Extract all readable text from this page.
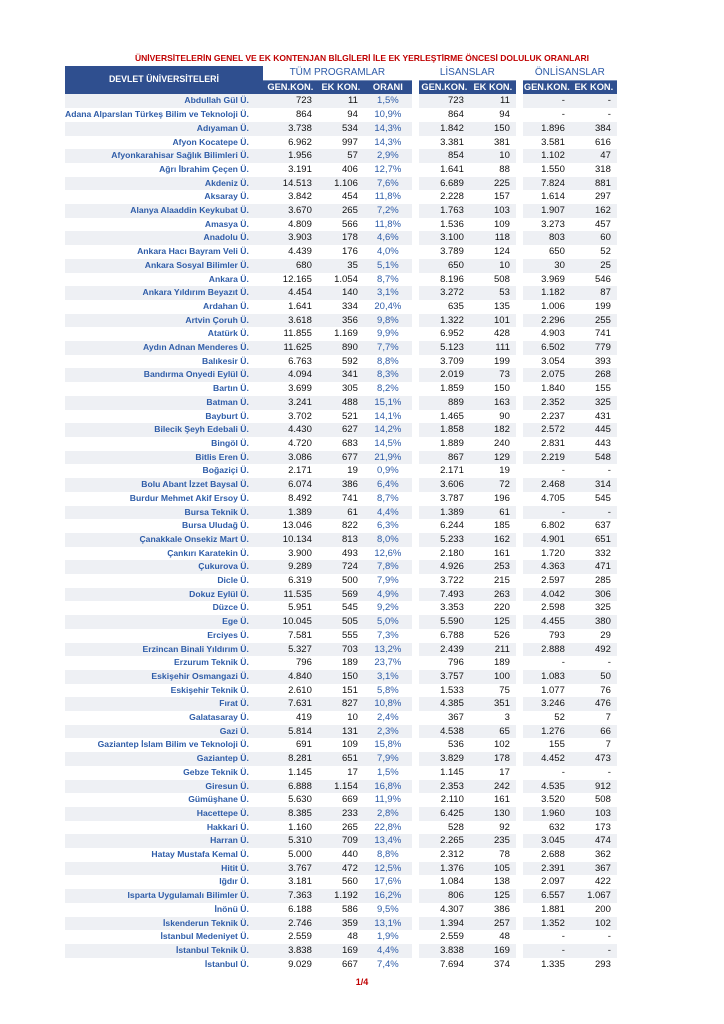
ÜNİVERSİTELERİN GENEL VE EK KONTENJAN BİLGİLERİ İLE EK YERLEŞTİRME ÖNCESİ DOLULUK ORANLARI
DEVLET ÜNİVERSİTELERİ	TÜM PROGRAMLAR				LİSANSLAR			ÖNLİSANSLAR	
	GEN.KON.	EK KON.	ORANI		GEN.KON.	EK KON.		GEN.KON.	EK KON.
Abdullah Gül Ü.	723	11	1,5%		723	11		-	-
Adana Alparslan Türkeş Bilim ve Teknoloji Ü.	864	94	10,9%		864	94		-	-
Adıyaman Ü.	3.738	534	14,3%		1.842	150		1.896	384
Afyon Kocatepe Ü.	6.962	997	14,3%		3.381	381		3.581	616
Afyonkarahisar Sağlık Bilimleri Ü.	1.956	57	2,9%		854	10		1.102	47
Ağrı İbrahim Çeçen Ü.	3.191	406	12,7%		1.641	88		1.550	318
Akdeniz Ü.	14.513	1.106	7,6%		6.689	225		7.824	881
Aksaray Ü.	3.842	454	11,8%		2.228	157		1.614	297
Alanya Alaaddin Keykubat Ü.	3.670	265	7,2%		1.763	103		1.907	162
Amasya Ü.	4.809	566	11,8%		1.536	109		3.273	457
Anadolu Ü.	3.903	178	4,6%		3.100	118		803	60
Ankara Hacı Bayram Veli Ü.	4.439	176	4,0%		3.789	124		650	52
Ankara Sosyal Bilimler Ü.	680	35	5,1%		650	10		30	25
Ankara Ü.	12.165	1.054	8,7%		8.196	508		3.969	546
Ankara Yıldırım Beyazıt Ü.	4.454	140	3,1%		3.272	53		1.182	87
Ardahan Ü.	1.641	334	20,4%		635	135		1.006	199
Artvin Çoruh Ü.	3.618	356	9,8%		1.322	101		2.296	255
Atatürk Ü.	11.855	1.169	9,9%		6.952	428		4.903	741
Aydın Adnan Menderes Ü.	11.625	890	7,7%		5.123	111		6.502	779
Balıkesir Ü.	6.763	592	8,8%		3.709	199		3.054	393
Bandırma Onyedi Eylül Ü.	4.094	341	8,3%		2.019	73		2.075	268
Bartın Ü.	3.699	305	8,2%		1.859	150		1.840	155
Batman Ü.	3.241	488	15,1%		889	163		2.352	325
Bayburt Ü.	3.702	521	14,1%		1.465	90		2.237	431
Bilecik Şeyh Edebali Ü.	4.430	627	14,2%		1.858	182		2.572	445
Bingöl Ü.	4.720	683	14,5%		1.889	240		2.831	443
Bitlis Eren Ü.	3.086	677	21,9%		867	129		2.219	548
Boğaziçi Ü.	2.171	19	0,9%		2.171	19		-	-
Bolu Abant İzzet Baysal Ü.	6.074	386	6,4%		3.606	72		2.468	314
Burdur Mehmet Akif Ersoy Ü.	8.492	741	8,7%		3.787	196		4.705	545
Bursa Teknik Ü.	1.389	61	4,4%		1.389	61		-	-
Bursa Uludağ Ü.	13.046	822	6,3%		6.244	185		6.802	637
Çanakkale Onsekiz Mart Ü.	10.134	813	8,0%		5.233	162		4.901	651
Çankırı Karatekin Ü.	3.900	493	12,6%		2.180	161		1.720	332
Çukurova Ü.	9.289	724	7,8%		4.926	253		4.363	471
Dicle Ü.	6.319	500	7,9%		3.722	215		2.597	285
Dokuz Eylül Ü.	11.535	569	4,9%		7.493	263		4.042	306
Düzce Ü.	5.951	545	9,2%		3.353	220		2.598	325
Ege Ü.	10.045	505	5,0%		5.590	125		4.455	380
Erciyes Ü.	7.581	555	7,3%		6.788	526		793	29
Erzincan Binali Yıldırım Ü.	5.327	703	13,2%		2.439	211		2.888	492
Erzurum Teknik Ü.	796	189	23,7%		796	189		-	-
Eskişehir Osmangazi Ü.	4.840	150	3,1%		3.757	100		1.083	50
Eskişehir Teknik Ü.	2.610	151	5,8%		1.533	75		1.077	76
Fırat Ü.	7.631	827	10,8%		4.385	351		3.246	476
Galatasaray Ü.	419	10	2,4%		367	3		52	7
Gazi Ü.	5.814	131	2,3%		4.538	65		1.276	66
Gaziantep İslam Bilim ve Teknoloji Ü.	691	109	15,8%		536	102		155	7
Gaziantep Ü.	8.281	651	7,9%		3.829	178		4.452	473
Gebze Teknik Ü.	1.145	17	1,5%		1.145	17		-	-
Giresun Ü.	6.888	1.154	16,8%		2.353	242		4.535	912
Gümüşhane Ü.	5.630	669	11,9%		2.110	161		3.520	508
Hacettepe Ü.	8.385	233	2,8%		6.425	130		1.960	103
Hakkari Ü.	1.160	265	22,8%		528	92		632	173
Harran Ü.	5.310	709	13,4%		2.265	235		3.045	474
Hatay Mustafa Kemal Ü.	5.000	440	8,8%		2.312	78		2.688	362
Hitit Ü.	3.767	472	12,5%		1.376	105		2.391	367
Iğdır Ü.	3.181	560	17,6%		1.084	138		2.097	422
Isparta Uygulamalı Bilimler Ü.	7.363	1.192	16,2%		806	125		6.557	1.067
İnönü Ü.	6.188	586	9,5%		4.307	386		1.881	200
İskenderun Teknik Ü.	2.746	359	13,1%		1.394	257		1.352	102
İstanbul Medeniyet Ü.	2.559	48	1,9%		2.559	48		-	-
İstanbul Teknik Ü.	3.838	169	4,4%		3.838	169		-	-
İstanbul Ü.	9.029	667	7,4%		7.694	374		1.335	293
1/4
